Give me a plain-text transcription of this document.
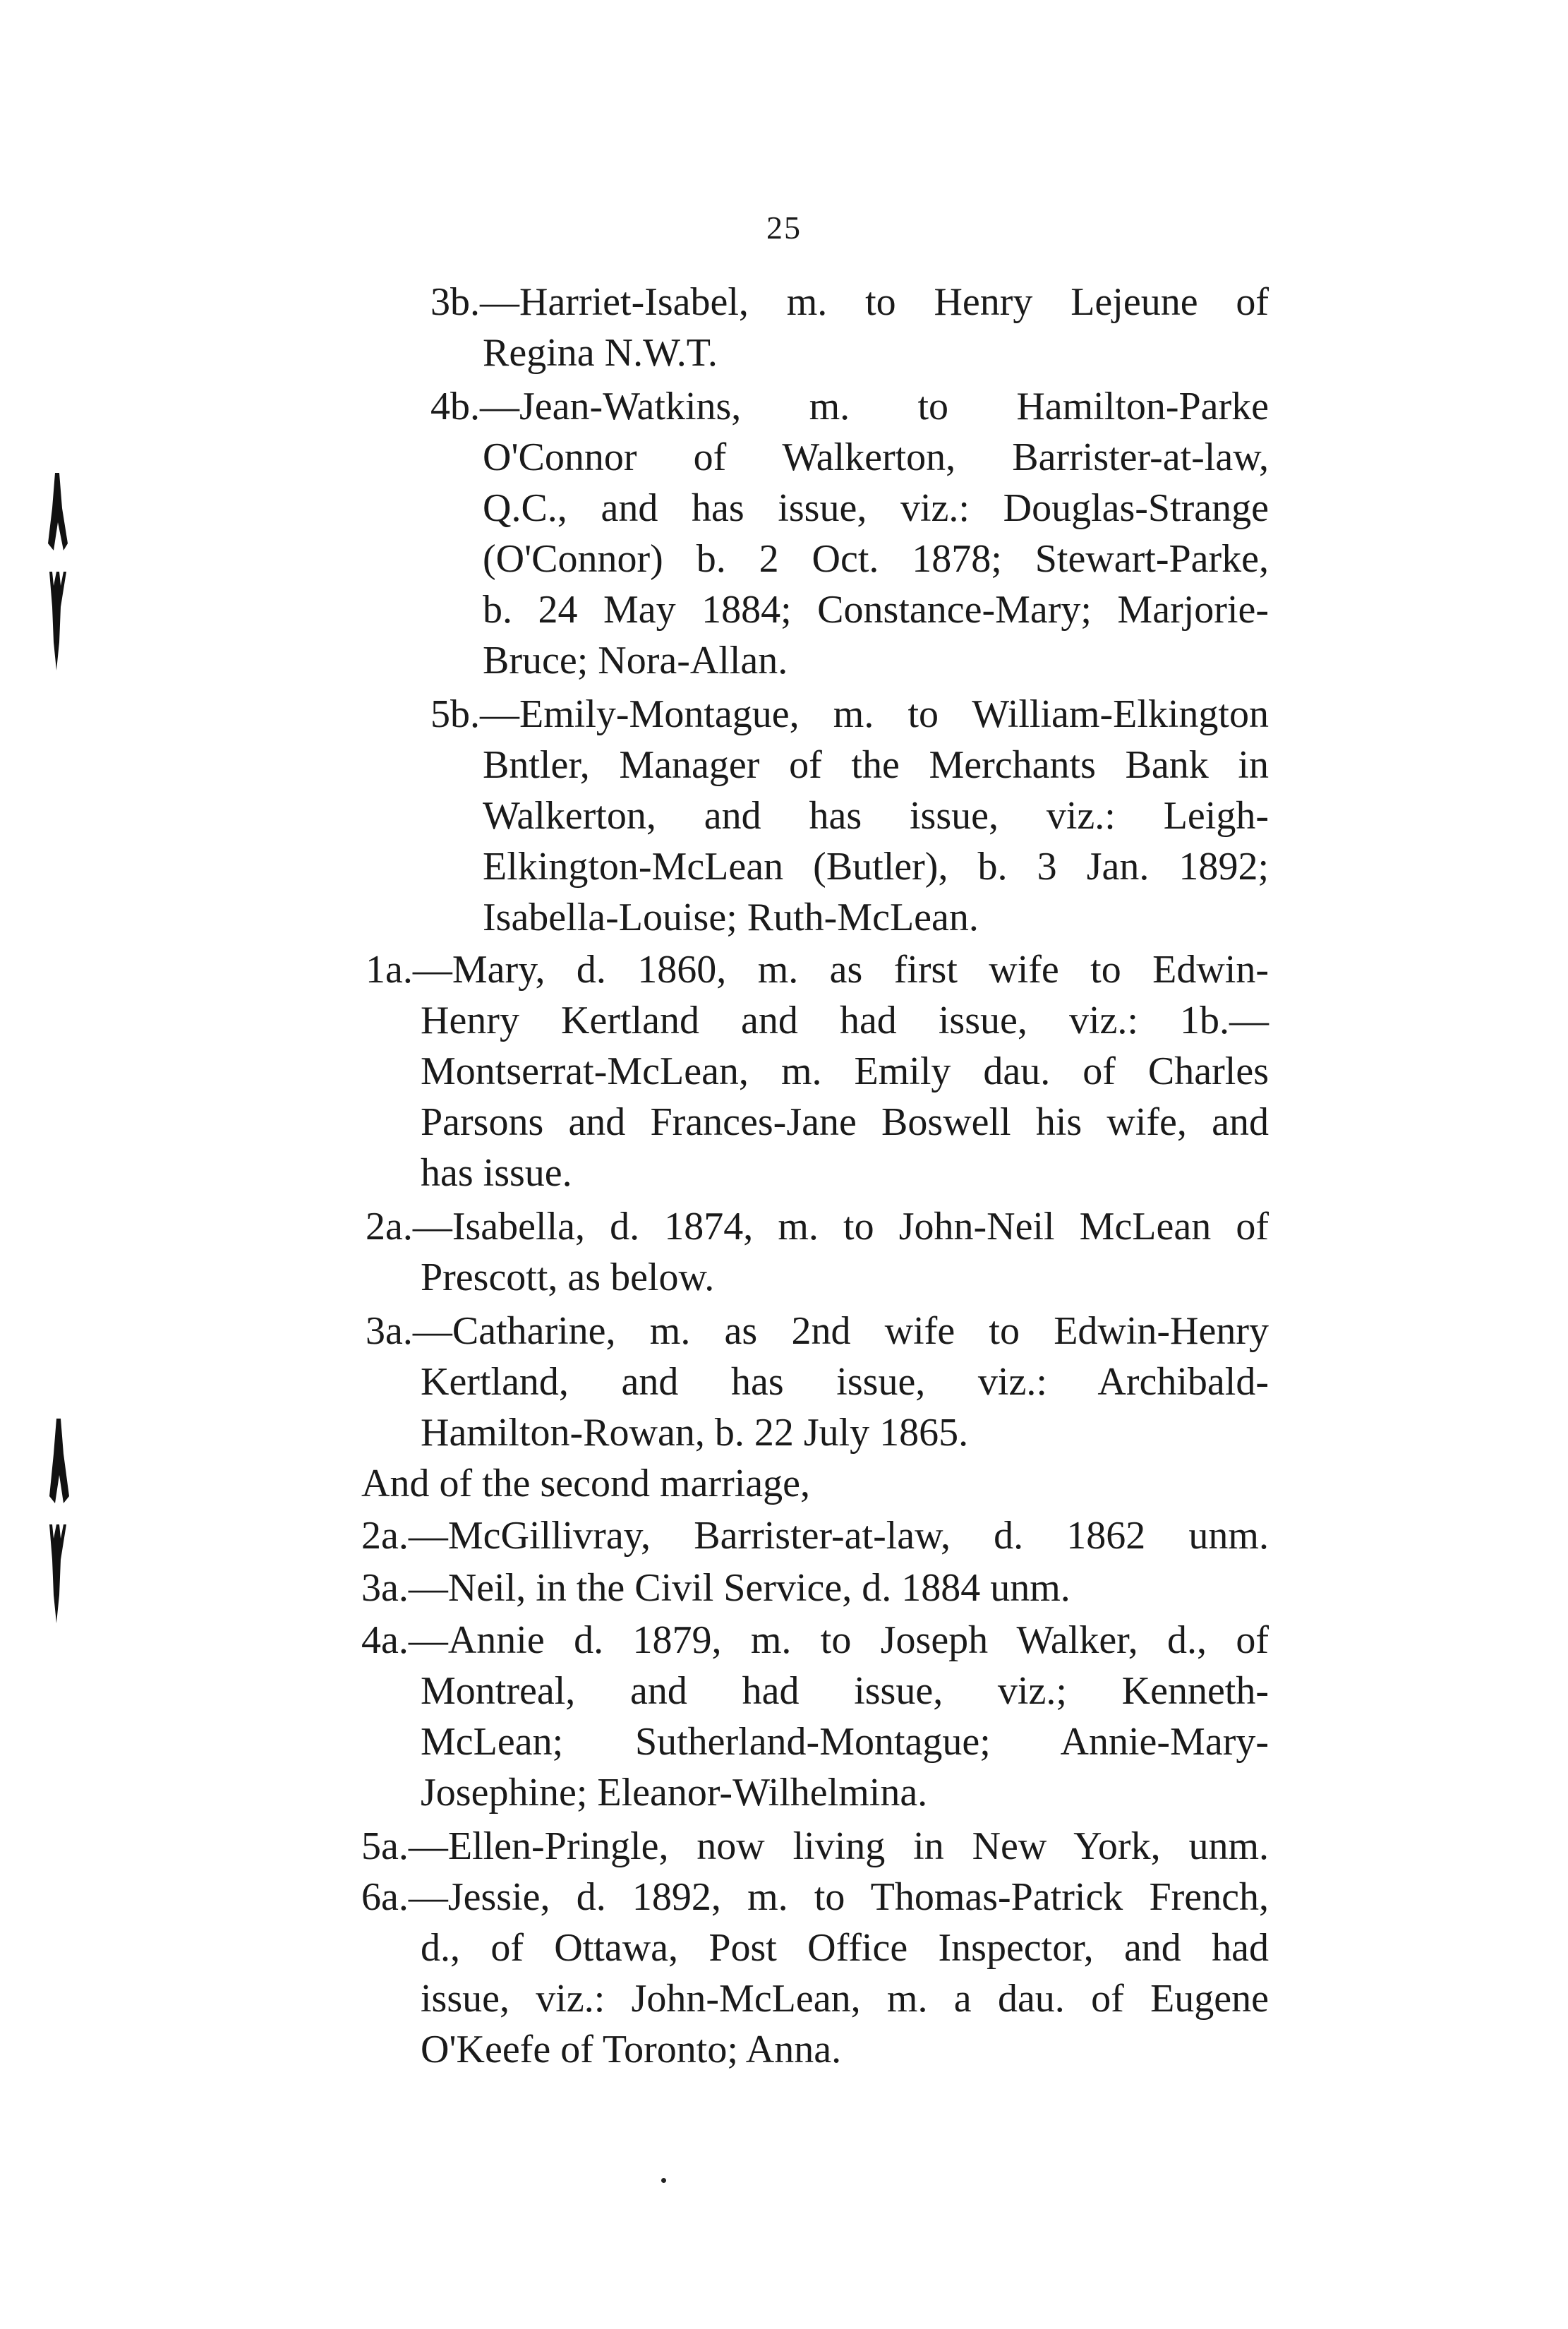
25
3b.—Harriet-Isabel, m. to Henry Lejeune of
Regina N.W.T.
4b.—Jean-Watkins, m. to Hamilton-Parke
O'Connor of Walkerton, Barrister-at-law,
Q.C., and has issue, viz.: Douglas-Strange
(O'Connor) b. 2 Oct. 1878; Stewart-Parke,
b. 24 May 1884; Constance-Mary; Marjorie-
Bruce; Nora-Allan.
5b.—Emily-Montague, m. to William-Elkington
Bntler, Manager of the Merchants Bank in
Walkerton, and has issue, viz.: Leigh-
Elkington-McLean (Butler), b. 3 Jan. 1892;
Isabella-Louise; Ruth-McLean.
1a.—Mary, d. 1860, m. as first wife to Edwin-
Henry Kertland and had issue, viz.: 1b.—
Montserrat-McLean, m. Emily dau. of Charles
Parsons and Frances-Jane Boswell his wife, and
has issue.
2a.—Isabella, d. 1874, m. to John-Neil McLean of
Prescott, as below.
3a.—Catharine, m. as 2nd wife to Edwin-Henry
Kertland, and has issue, viz.: Archibald-
Hamilton-Rowan, b. 22 July 1865.
And of the second marriage,
2a.—McGillivray, Barrister-at-law, d. 1862 unm.
3a.—Neil, in the Civil Service, d. 1884 unm.
4a.—Annie d. 1879, m. to Joseph Walker, d., of
Montreal, and had issue, viz.; Kenneth-
McLean; Sutherland-Montague; Annie-Mary-
Josephine; Eleanor-Wilhelmina.
5a.—Ellen-Pringle, now living in New York, unm.
6a.—Jessie, d. 1892, m. to Thomas-Patrick French,
d., of Ottawa, Post Office Inspector, and had
issue, viz.: John-McLean, m. a dau. of Eugene
O'Keefe of Toronto; Anna.
